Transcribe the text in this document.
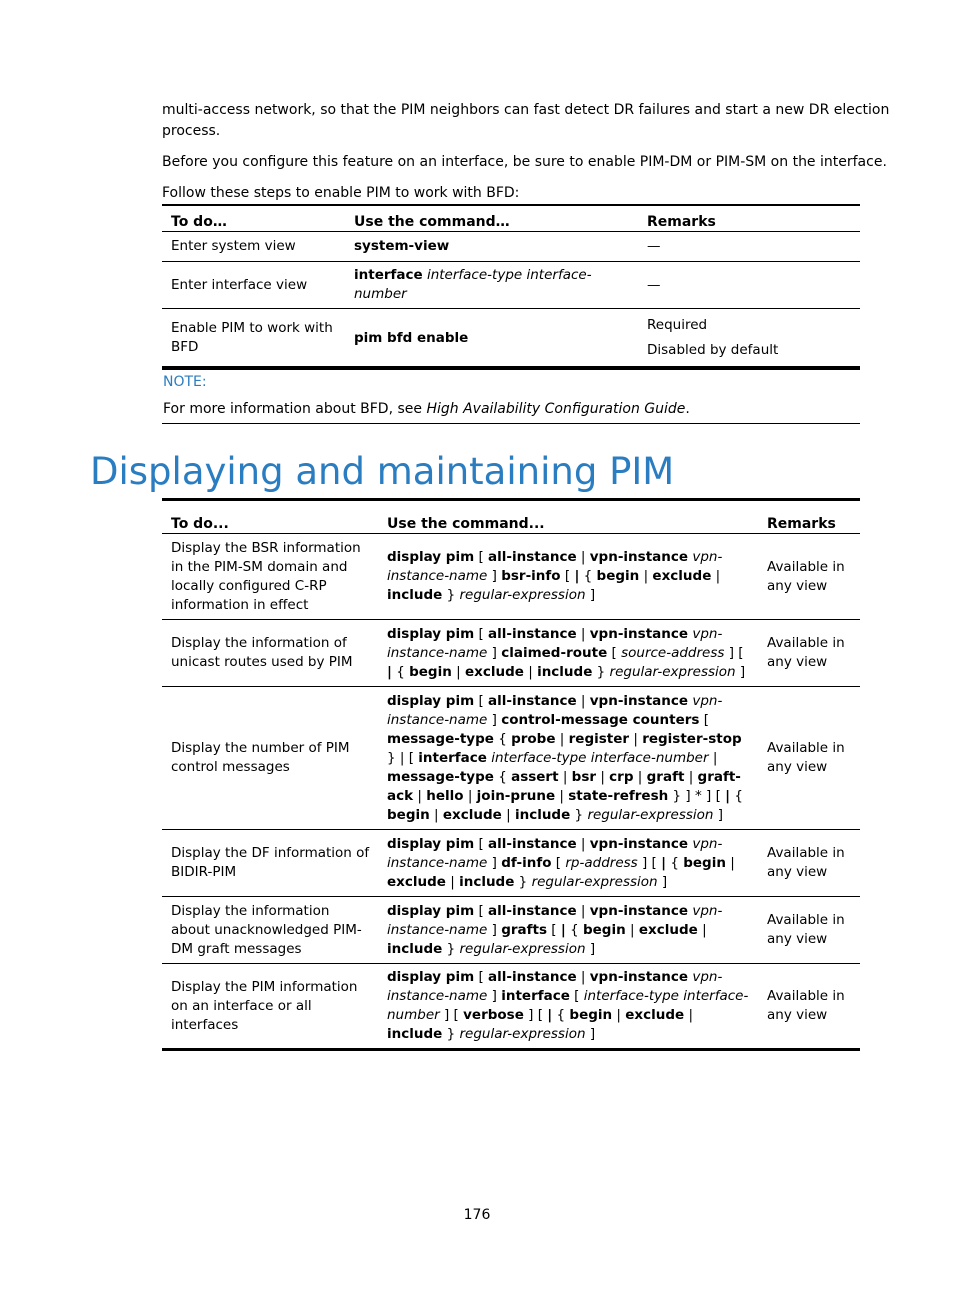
multi-access network, so that the PIM neighbors can fast detect DR failures and start a new DR election

process.

Before you configure this feature on an interface, be sure to enable PIM-DM or PIM-SM on the interface.

Follow these steps to enable PIM to work with BFD:

To do…	Use the command…	Remarks
Enter system view	system-view	—
Enter interface view	interface interface-type interface-number	—
Enable PIM to work with BFD	pim bfd enable	Required
Disabled by default
NOTE:
For more information about BFD, see High Availability Configuration Guide.
Displaying and maintaining PIM
To do...	Use the command...	Remarks
Display the BSR information in the PIM-SM domain and locally configured C-RP information in effect	display pim [ all-instance | vpn-instance vpn-instance-name ] bsr-info [ | { begin | exclude | include } regular-expression ]	Available in any view
Display the information of unicast routes used by PIM	display pim [ all-instance | vpn-instance vpn-instance-name ] claimed-route [ source-address ] [ | { begin | exclude | include } regular-expression ]	Available in any view
Display the number of PIM control messages	display pim [ all-instance | vpn-instance vpn-instance-name ] control-message counters [ message-type { probe | register | register-stop } | [ interface interface-type interface-number | message-type { assert | bsr | crp | graft | graft-ack | hello | join-prune | state-refresh } ] * ] [ | { begin | exclude | include } regular-expression ]	Available in any view
Display the DF information of BIDIR-PIM	display pim [ all-instance | vpn-instance vpn-instance-name ] df-info [ rp-address ] [ | { begin | exclude | include } regular-expression ]	Available in any view
Display the information about unacknowledged PIM-DM graft messages	display pim [ all-instance | vpn-instance vpn-instance-name ] grafts [ | { begin | exclude | include } regular-expression ]	Available in any view
Display the PIM information on an interface or all interfaces	display pim [ all-instance | vpn-instance vpn-instance-name ] interface [ interface-type interface-number ] [ verbose ] [ | { begin | exclude | include } regular-expression ]	Available in any view
176
